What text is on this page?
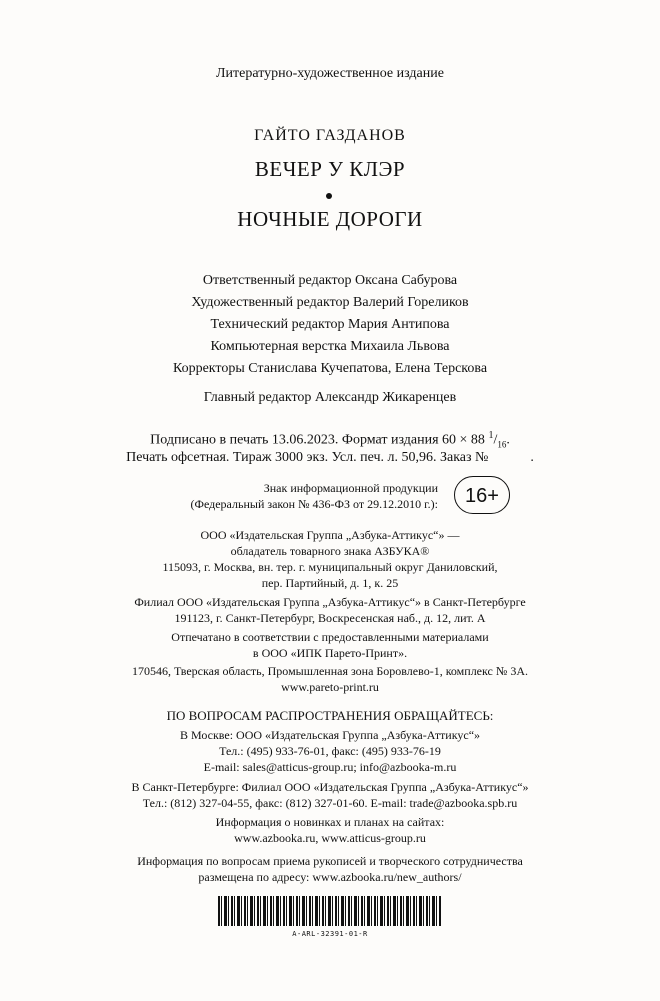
Литературно-художественное издание
ГАЙТО ГАЗДАНОВ
ВЕЧЕР У КЛЭР
НОЧНЫЕ ДОРОГИ
Ответственный редактор Оксана Сабурова
Художественный редактор Валерий Гореликов
Технический редактор Мария Антипова
Компьютерная верстка Михаила Львова
Корректоры Станислава Кучепатова, Елена Терскова
Главный редактор Александр Жикаренцев
Подписано в печать 13.06.2023. Формат издания 60 × 88 $^1/_{16}$.
Печать офсетная. Тираж 3000 экз. Усл. печ. л. 50,96. Заказ №	.
Знак информационной продукции
(Федеральный закон № 436-ФЗ от 29.12.2010 г.):	16+
ООО «Издательская Группа „Азбука-Аттикус“» —
обладатель товарного знака АЗБУКА®
115093, г. Москва, вн. тер. г. муниципальный округ Даниловский,
пер. Партийный, д. 1, к. 25
Филиал ООО «Издательская Группа „Азбука-Аттикус“» в Санкт-Петербурге
191123, г. Санкт-Петербург, Воскресенская наб., д. 12, лит. А
Отпечатано в соответствии с предоставленными материалами
в ООО «ИПК Парето-Принт».
170546, Тверская область, Промышленная зона Боровлево-1, комплекс № 3А.
www.pareto-print.ru
ПО ВОПРОСАМ РАСПРОСТРАНЕНИЯ ОБРАЩАЙТЕСЬ:
В Москве: ООО «Издательская Группа „Азбука-Аттикус“»
Тел.: (495) 933-76-01, факс: (495) 933-76-19
E-mail: sales@atticus-group.ru; info@azbooka-m.ru
В Санкт-Петербурге: Филиал ООО «Издательская Группа „Азбука-Аттикус“»
Тел.: (812) 327-04-55, факс: (812) 327-01-60. E-mail: trade@azbooka.spb.ru
Информация о новинках и планах на сайтах:
www.azbooka.ru, www.atticus-group.ru
Информация по вопросам приема рукописей и творческого сотрудничества
размещена по адресу: www.azbooka.ru/new_authors/
A-ARL-32391-01-R
